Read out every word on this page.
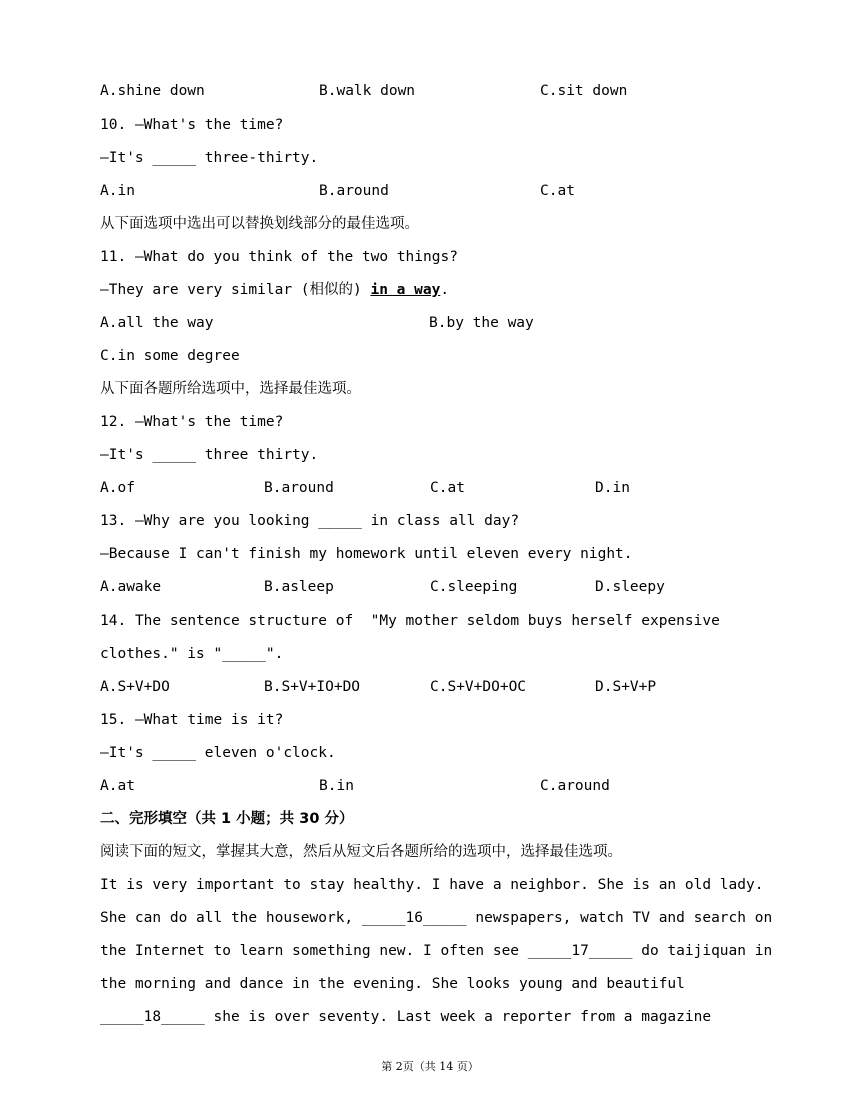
A.shine down	B.walk down	C.sit down
10. —What's the time?
—It's _____ three-thirty.
A.in	B.around	C.at
从下面选项中选出可以替换划线部分的最佳选项。
11. —What do you think of the two things?
—They are very similar (相似的) in a way.
A.all the way	B.by the way
C.in some degree
从下面各题所给选项中，选择最佳选项。
12. —What's the time?
—It's _____ three thirty.
A.of	B.around	C.at	D.in
13. —Why are you looking _____ in class all day?
—Because I can't finish my homework until eleven every night.
A.awake	B.asleep	C.sleeping	D.sleepy
14. The sentence structure of  "My mother seldom buys herself expensive
clothes." is "_____".
A.S+V+DO	B.S+V+IO+DO	C.S+V+DO+OC	D.S+V+P
15. —What time is it?
—It's _____ eleven o'clock.
A.at	B.in	C.around
二、完形填空（共 1 小题；共 30 分）
阅读下面的短文，掌握其大意，然后从短文后各题所给的选项中，选择最佳选项。
It is very important to stay healthy. I have a neighbor. She is an old lady.
She can do all the housework, _____16_____ newspapers, watch TV and search on
the Internet to learn something new. I often see _____17_____ do taijiquan in
the morning and dance in the evening. She looks young and beautiful
_____18_____ she is over seventy. Last week a reporter from a magazine
第 2页（共 14 页）
